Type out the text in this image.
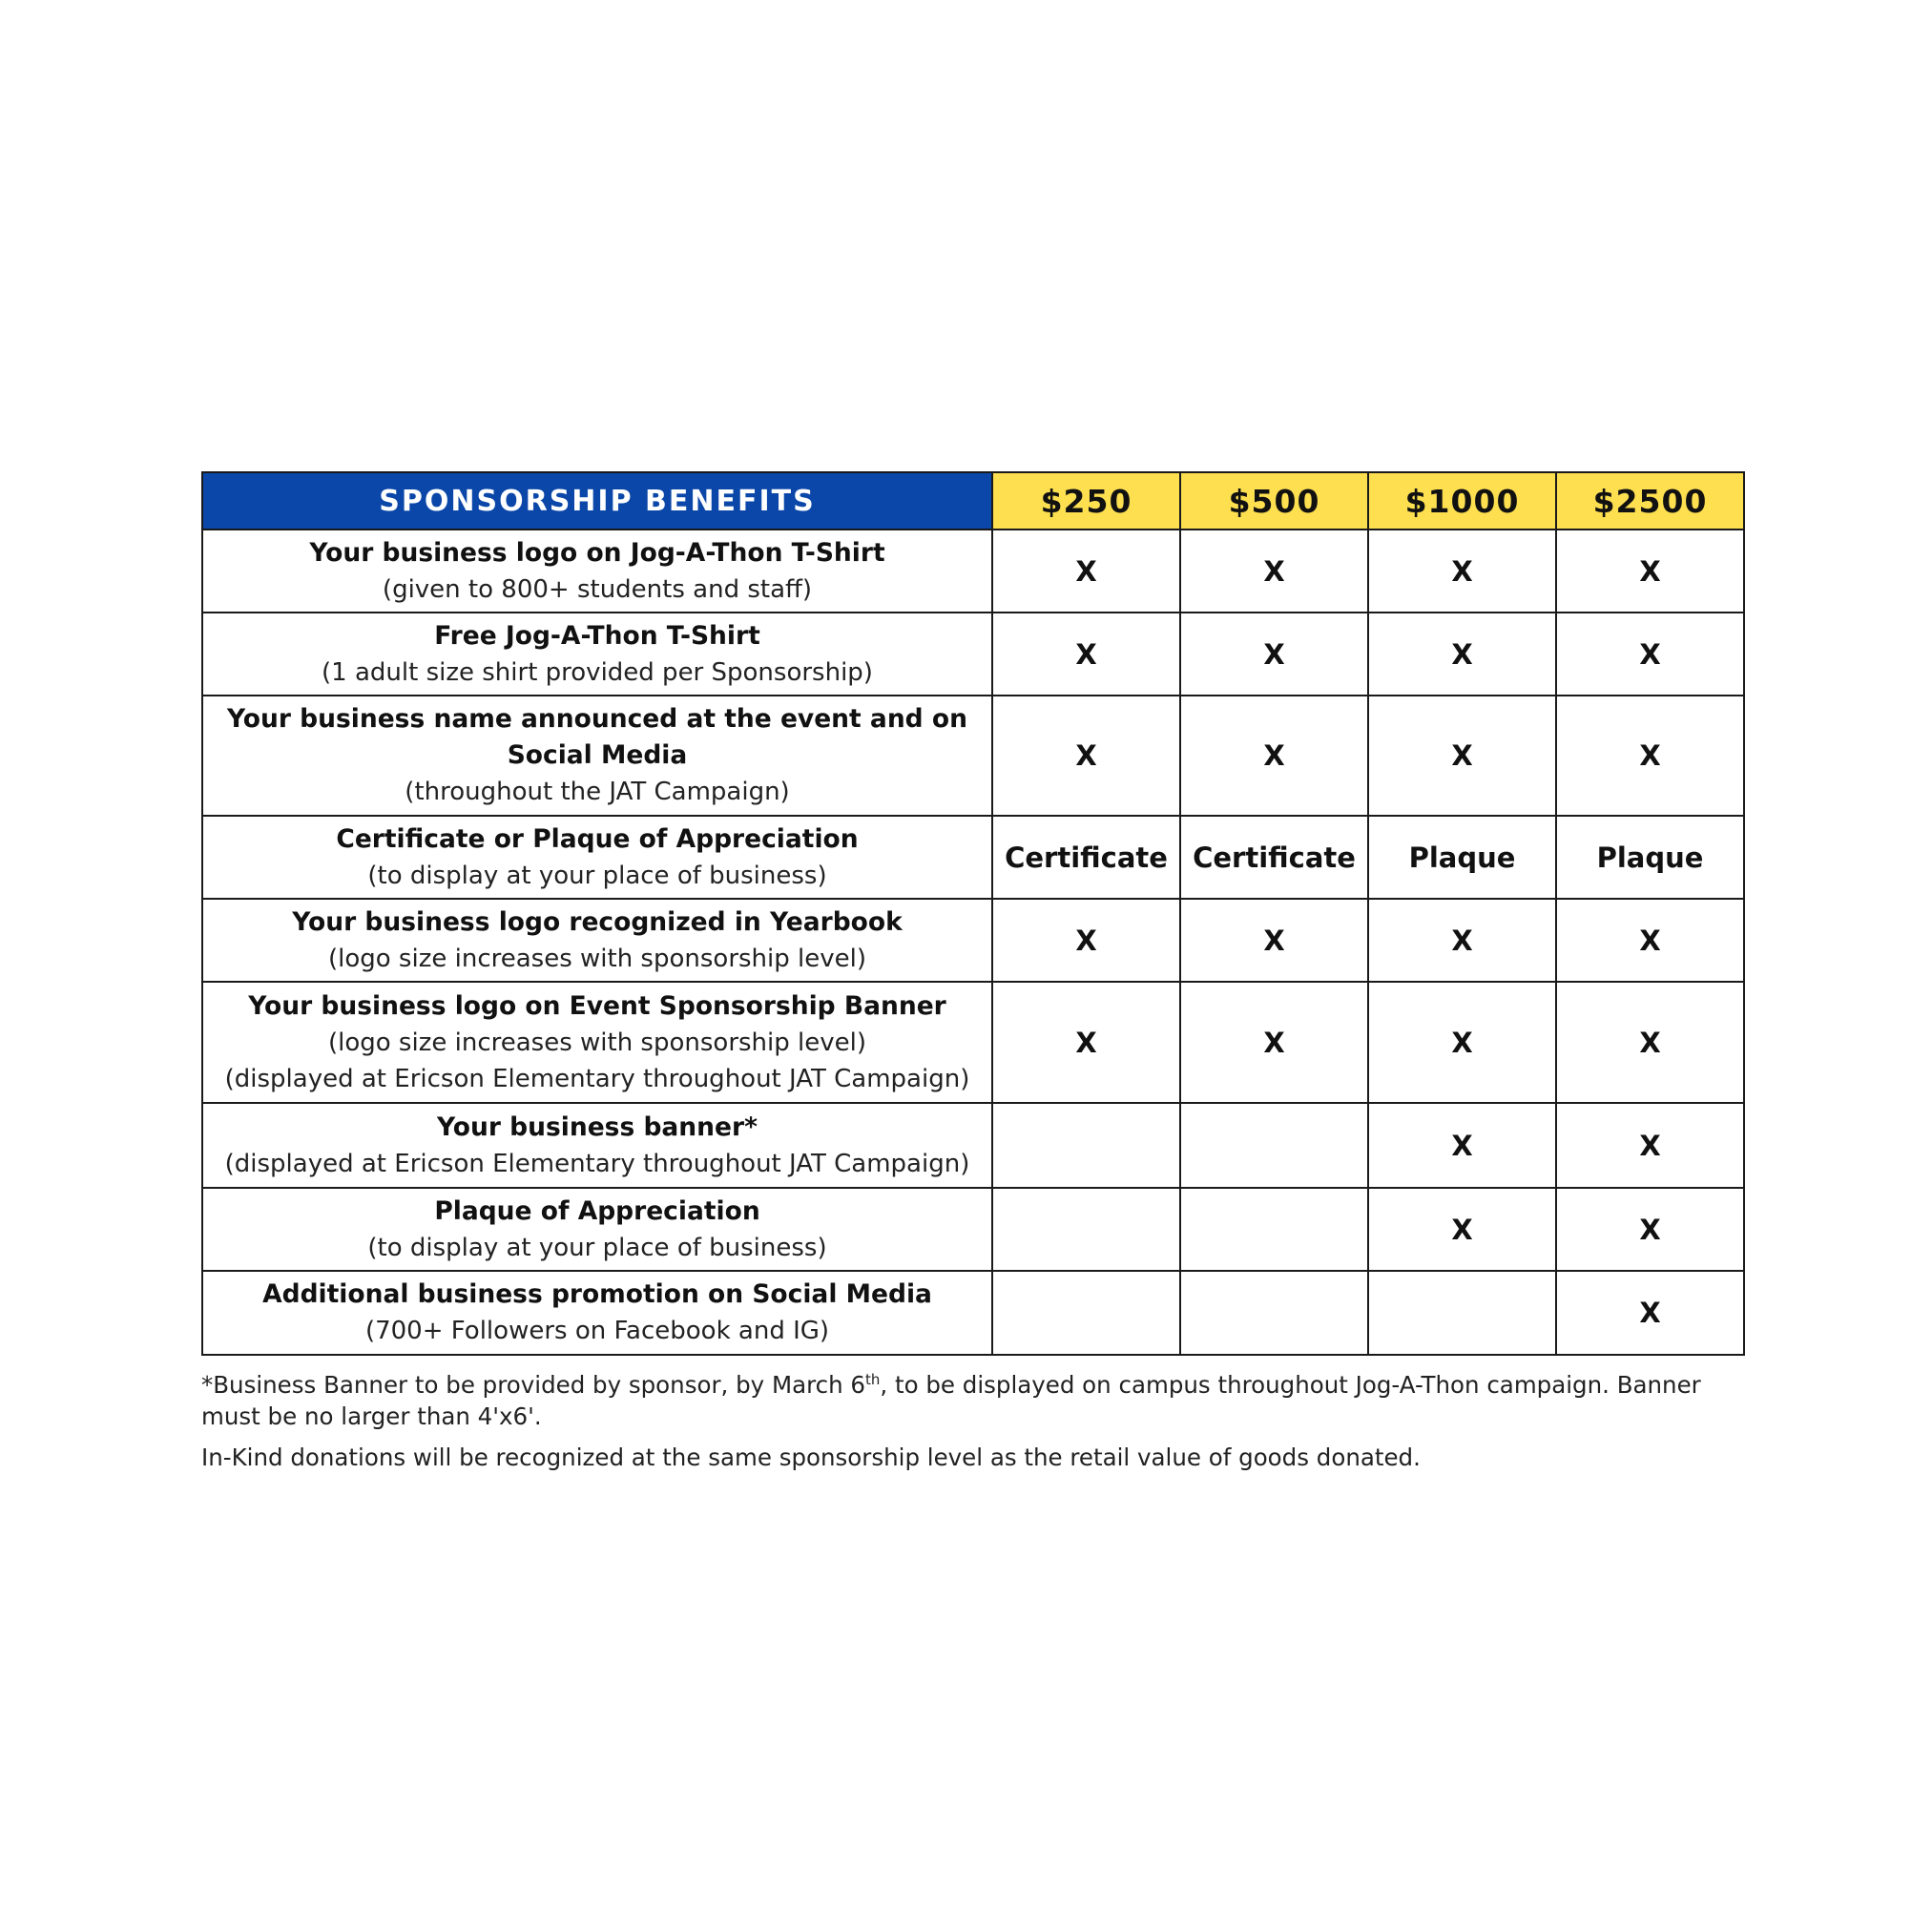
SPONSORSHIP BENEFITS	$250	$500	$1000	$2500

Your business logo on Jog-A-Thon T-Shirt
(given to 800+ students and staff)	X	X	X	X

Free Jog-A-Thon T-Shirt
(1 adult size shirt provided per Sponsorship)	X	X	X	X

Your business name announced at the event and on Social Media
(throughout the JAT Campaign)	X	X	X	X

Certificate or Plaque of Appreciation
(to display at your place of business)	Certificate	Certificate	Plaque	Plaque

Your business logo recognized in Yearbook
(logo size increases with sponsorship level)	X	X	X	X

Your business logo on Event Sponsorship Banner
(logo size increases with sponsorship level)
(displayed at Ericson Elementary throughout JAT Campaign)	X	X	X	X

Your business banner*
(displayed at Ericson Elementary throughout JAT Campaign)			X	X

Plaque of Appreciation
(to display at your place of business)			X	X

Additional business promotion on Social Media
(700+ Followers on Facebook and IG)				X

*Business Banner to be provided by sponsor, by March 6th, to be displayed on campus throughout Jog-A-Thon campaign. Banner must be no larger than 4'x6'.

In-Kind donations will be recognized at the same sponsorship level as the retail value of goods donated.
